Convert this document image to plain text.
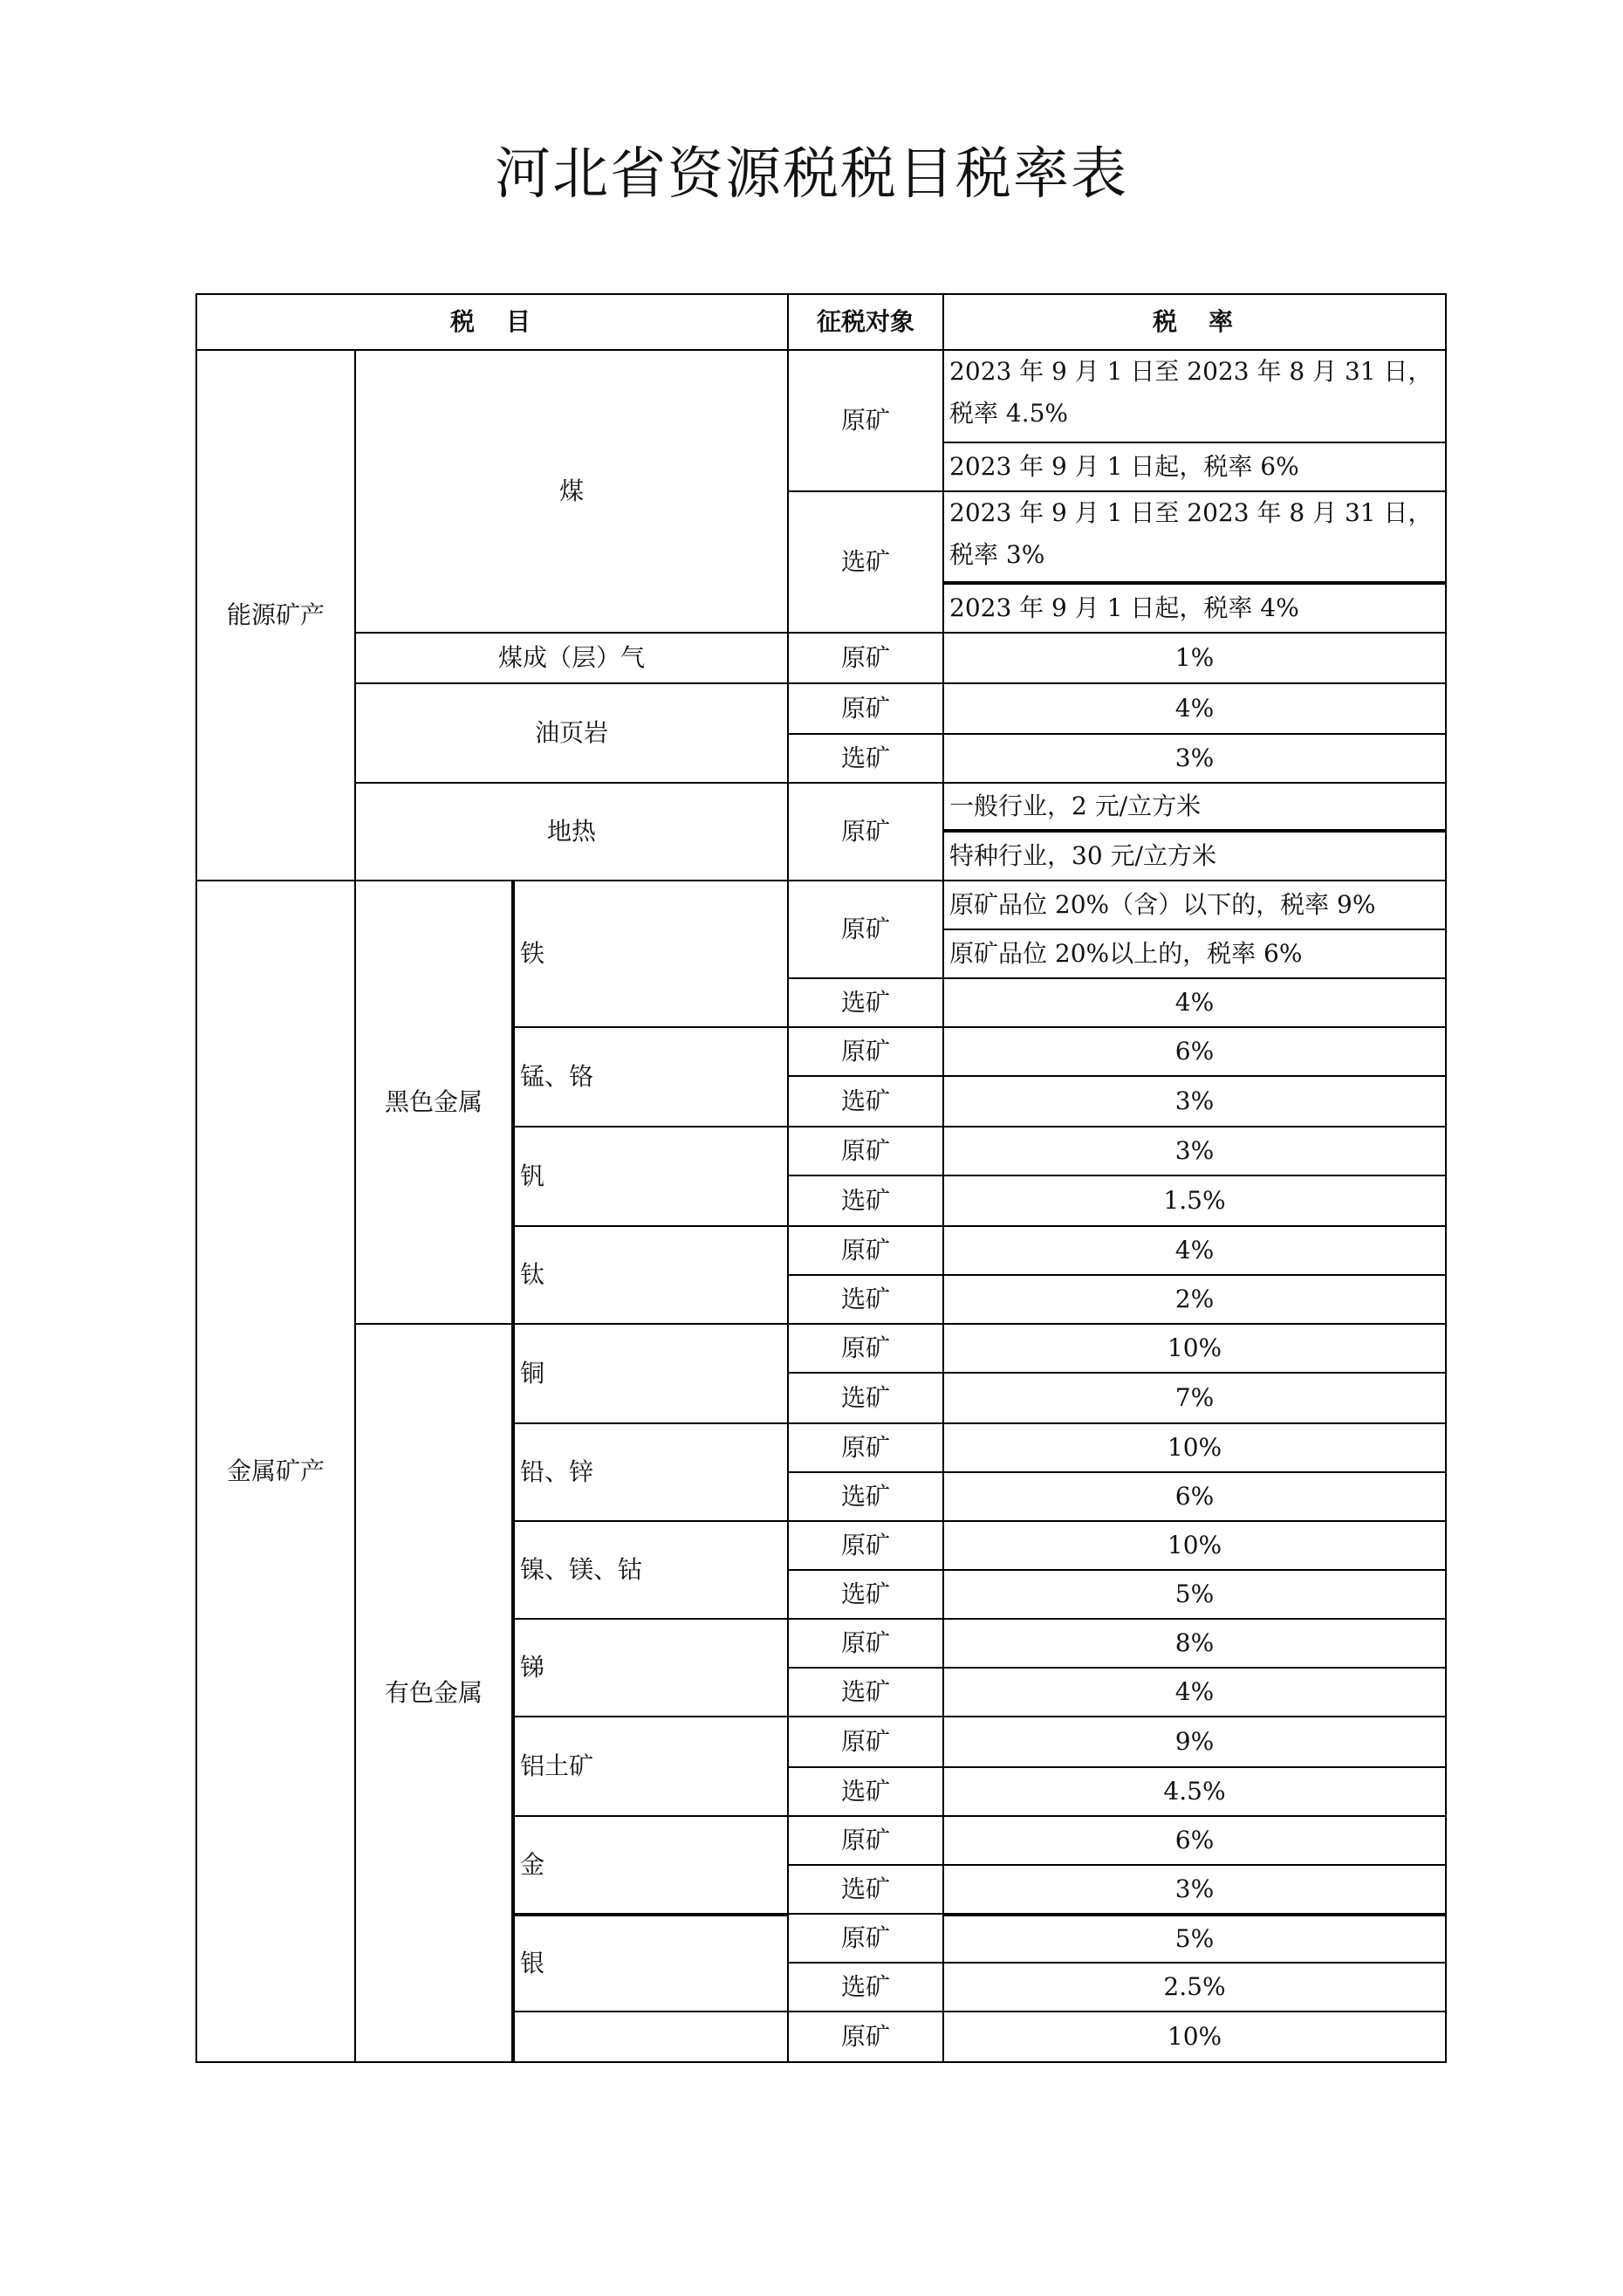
河北省资源税税目税率表
税　目	征税对象	税　率
能源矿产
金属矿产
黑色金属
有色金属
煤
煤成（层）气
油页岩
地热
铁
锰、铬
钒
钛
铜
铅、锌
镍、镁、钴
锑
铝土矿
金
银
原矿
选矿
原矿
原矿
选矿
原矿
原矿
选矿
原矿
选矿
原矿
选矿
原矿
选矿
原矿
选矿
原矿
选矿
原矿
选矿
原矿
选矿
原矿
选矿
原矿
选矿
原矿
选矿
原矿
2023 年 9 月 1 日至 2023 年 8 月 31 日，税率 4.5%
2023 年 9 月 1 日起，税率 6%
2023 年 9 月 1 日至 2023 年 8 月 31 日，税率 3%
2023 年 9 月 1 日起，税率 4%
1%
4%
3%
一般行业，2 元/立方米
特种行业，30 元/立方米
原矿品位 20%（含）以下的，税率 9%
原矿品位 20%以上的，税率 6%
4%
6%
3%
3%
1.5%
4%
2%
10%
7%
10%
6%
10%
5%
8%
4%
9%
4.5%
6%
3%
5%
2.5%
10%
